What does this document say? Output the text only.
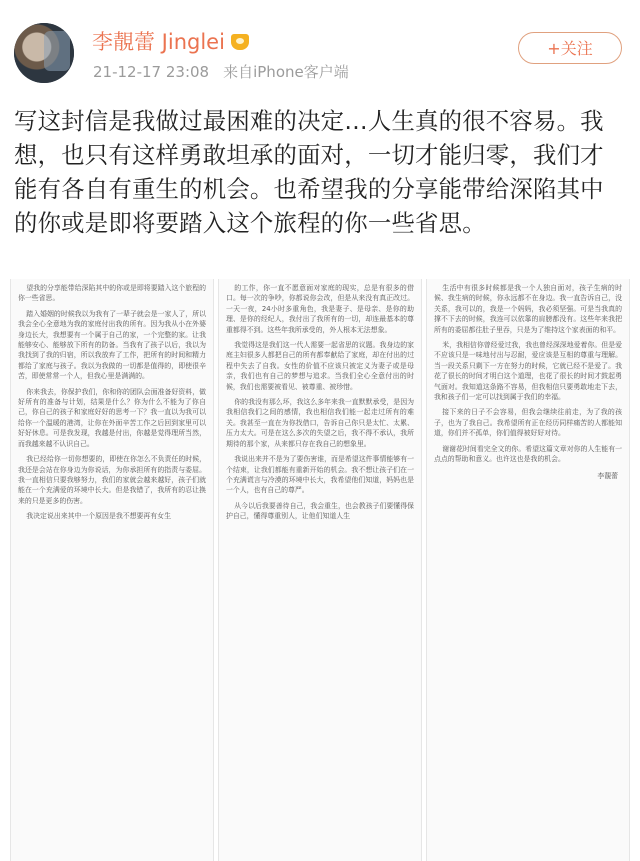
李靚蕾 Jinglei
21-12-17 23:08 来自iPhone客户端
+关注
写这封信是我做过最困难的决定…人生真的很不容易。我想，也只有这样勇敢坦承的面对，一切才能归零，我们才能有各自有重生的机会。也希望我的分享能带给深陷其中的你或是即将要踏入这个旅程的你一些省思。

望我的分享能带给深陷其中的你或是即将要踏入这个旅程的你一些省思。

踏入婚姻的时候我以为我有了一辈子就会是一家人了，所以我会全心全意地为我的家庭付出我的所有。因为我从小在外婆身边长大，我想要有一个属于自己的家，一个完整的家。让我能够安心、能够放下所有的防备。当我有了孩子以后，我以为我找到了我的归宿，所以我放弃了工作，把所有的时间和精力都给了家庭与孩子。我以为我做的一切都是值得的，即使很辛苦，即使常常一个人，但我心里是满满的。

你来我去，你保护我们，你和你的团队会面准备好资料，做好所有的准备与计划，结果是什么？你为什么不能为了你自己，你自己的孩子和家庭好好的思考一下？我一直以为我可以给你一个温暖的港湾，让你在外面辛苦工作之后回到家里可以好好休息。可是我发现，我越是付出，你越是觉得理所当然，而我越来越不认识自己。

我已经给你一切你想要的，即使在你怎么不负责任的时候，我还是会站在你身边为你说话，为你承担所有的指责与委屈。我一直相信只要我够努力，我们的家就会越来越好，孩子们就能在一个充满爱的环境中长大。但是我错了，我所有的忍让换来的只是更多的伤害。

我决定说出来其中一个原因是我不想要再有女生

的工作，你一直不愿意面对家庭的现实，总是有很多的借口。每一次的争吵，你都说你会改，但是从来没有真正改过。一天一夜，24小时多重角色，我是妻子、是母亲、是你的助理、是你的经纪人，我付出了我所有的一切，却连最基本的尊重都得不到。这些年我所承受的，外人根本无法想象。

我觉得这是我们这一代人需要一起省思的议题。我身边的家庭主妇很多人都把自己的所有都奉献给了家庭，却在付出的过程中失去了自我。女性的价值不应该只被定义为妻子或是母亲，我们也有自己的梦想与追求。当我们全心全意付出的时候，我们也需要被看见、被尊重、被珍惜。

你的我没有那么坏，我这么多年来我一直默默承受，是因为我相信我们之间的感情，我也相信我们能一起走过所有的难关。我甚至一直在为你找借口，告诉自己你只是太忙、太累、压力太大。可是在这么多次的失望之后，我不得不承认，我所期待的那个家，从来都只存在我自己的想象里。

我说出来并不是为了要伤害谁，而是希望这件事情能够有一个结束，让我们都能有重新开始的机会。我不想让孩子们在一个充满谎言与冷漠的环境中长大，我希望他们知道，妈妈也是一个人，也有自己的尊严。

从今以后我要善待自己，我会重生，也会教孩子们要懂得保护自己，懂得尊重别人，让他们知道人生

生活中有很多时候都是我一个人独自面对，孩子生病的时候、我生病的时候，你永远都不在身边。我一直告诉自己，没关系，我可以的，我是一个妈妈，我必须坚强。可是当我真的撑不下去的时候，我连可以依靠的肩膀都没有。这些年来我把所有的委屈都往肚子里吞，只是为了维持这个家表面的和平。

米，我相信你曾经爱过我，我也曾经深深地爱着你。但是爱不应该只是一味地付出与忍耐，爱应该是互相的尊重与理解。当一段关系只剩下一方在努力的时候，它就已经不是爱了。我花了很长的时间才明白这个道理，也花了很长的时间才鼓起勇气面对。我知道这条路不容易，但我相信只要勇敢地走下去，我和孩子们一定可以找到属于我们的幸福。

接下来的日子不会容易，但我会继续往前走，为了我的孩子，也为了我自己。我希望所有正在经历同样痛苦的人都能知道，你们并不孤单，你们值得被好好对待。

谢谢花时间看完全文的你。希望这篇文章对你的人生能有一点点的帮助和意义。也许这也是我的机会。

李靚蕾
